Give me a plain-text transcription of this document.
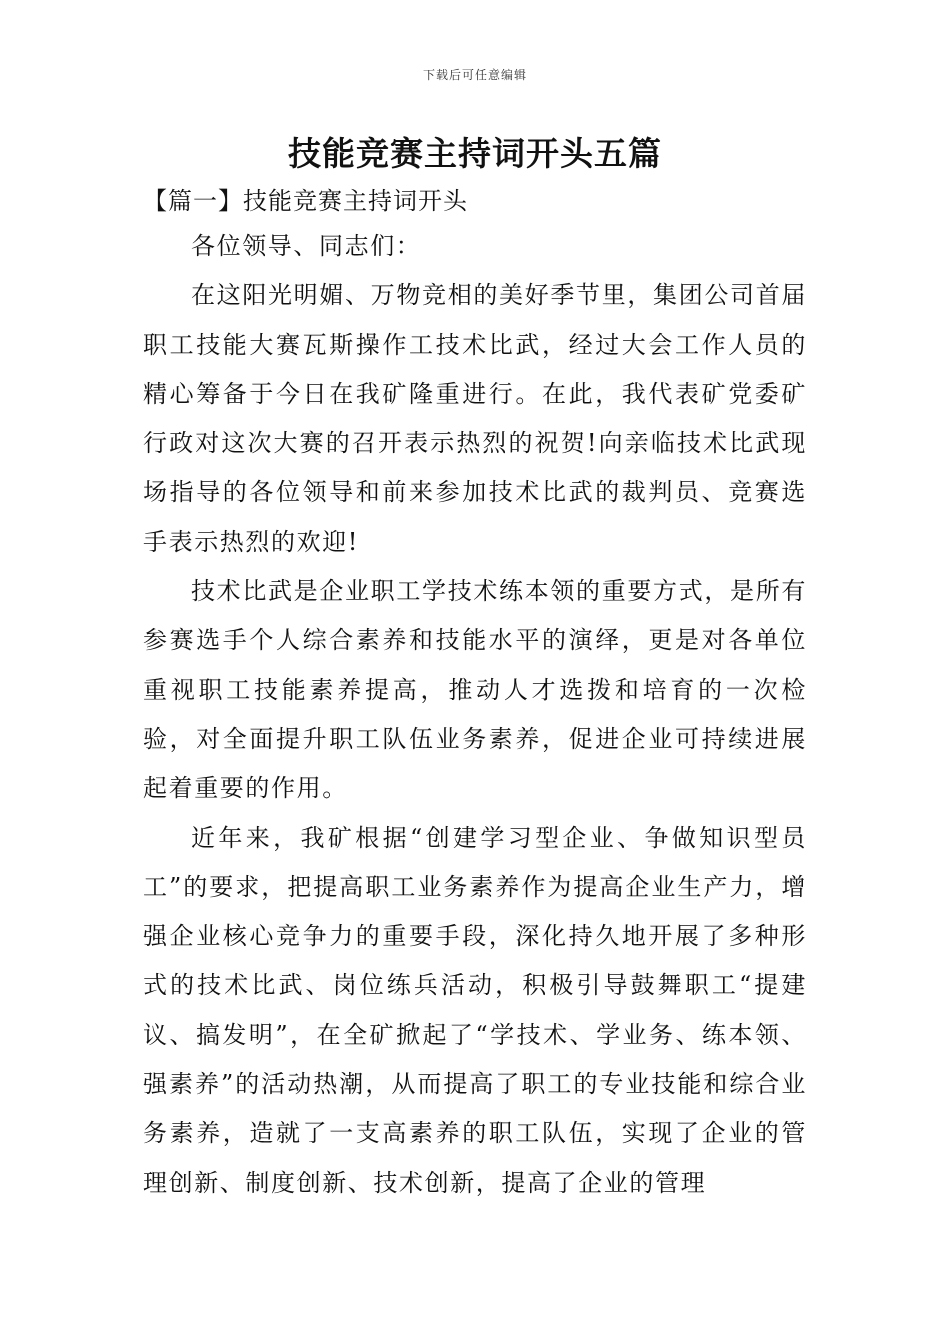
下载后可任意编辑
技能竞赛主持词开头五篇
【篇一】技能竞赛主持词开头

各位领导、同志们：

在这阳光明媚、万物竞相的美好季节里，集团公司首届职工技能大赛瓦斯操作工技术比武，经过大会工作人员的精心筹备于今日在我矿隆重进行。在此，我代表矿党委矿行政对这次大赛的召开表示热烈的祝贺!向亲临技术比武现场指导的各位领导和前来参加技术比武的裁判员、竞赛选手表示热烈的欢迎!

技术比武是企业职工学技术练本领的重要方式，是所有参赛选手个人综合素养和技能水平的演绎，更是对各单位重视职工技能素养提高，推动人才选拨和培育的一次检验，对全面提升职工队伍业务素养，促进企业可持续进展起着重要的作用。

近年来，我矿根据“创建学习型企业、争做知识型员工”的要求，把提高职工业务素养作为提高企业生产力，增强企业核心竞争力的重要手段，深化持久地开展了多种形式的技术比武、岗位练兵活动，积极引导鼓舞职工“提建议、搞发明”，在全矿掀起了“学技术、学业务、练本领、强素养”的活动热潮，从而提高了职工的专业技能和综合业务素养，造就了一支高素养的职工队伍，实现了企业的管理创新、制度创新、技术创新，提高了企业的管理
